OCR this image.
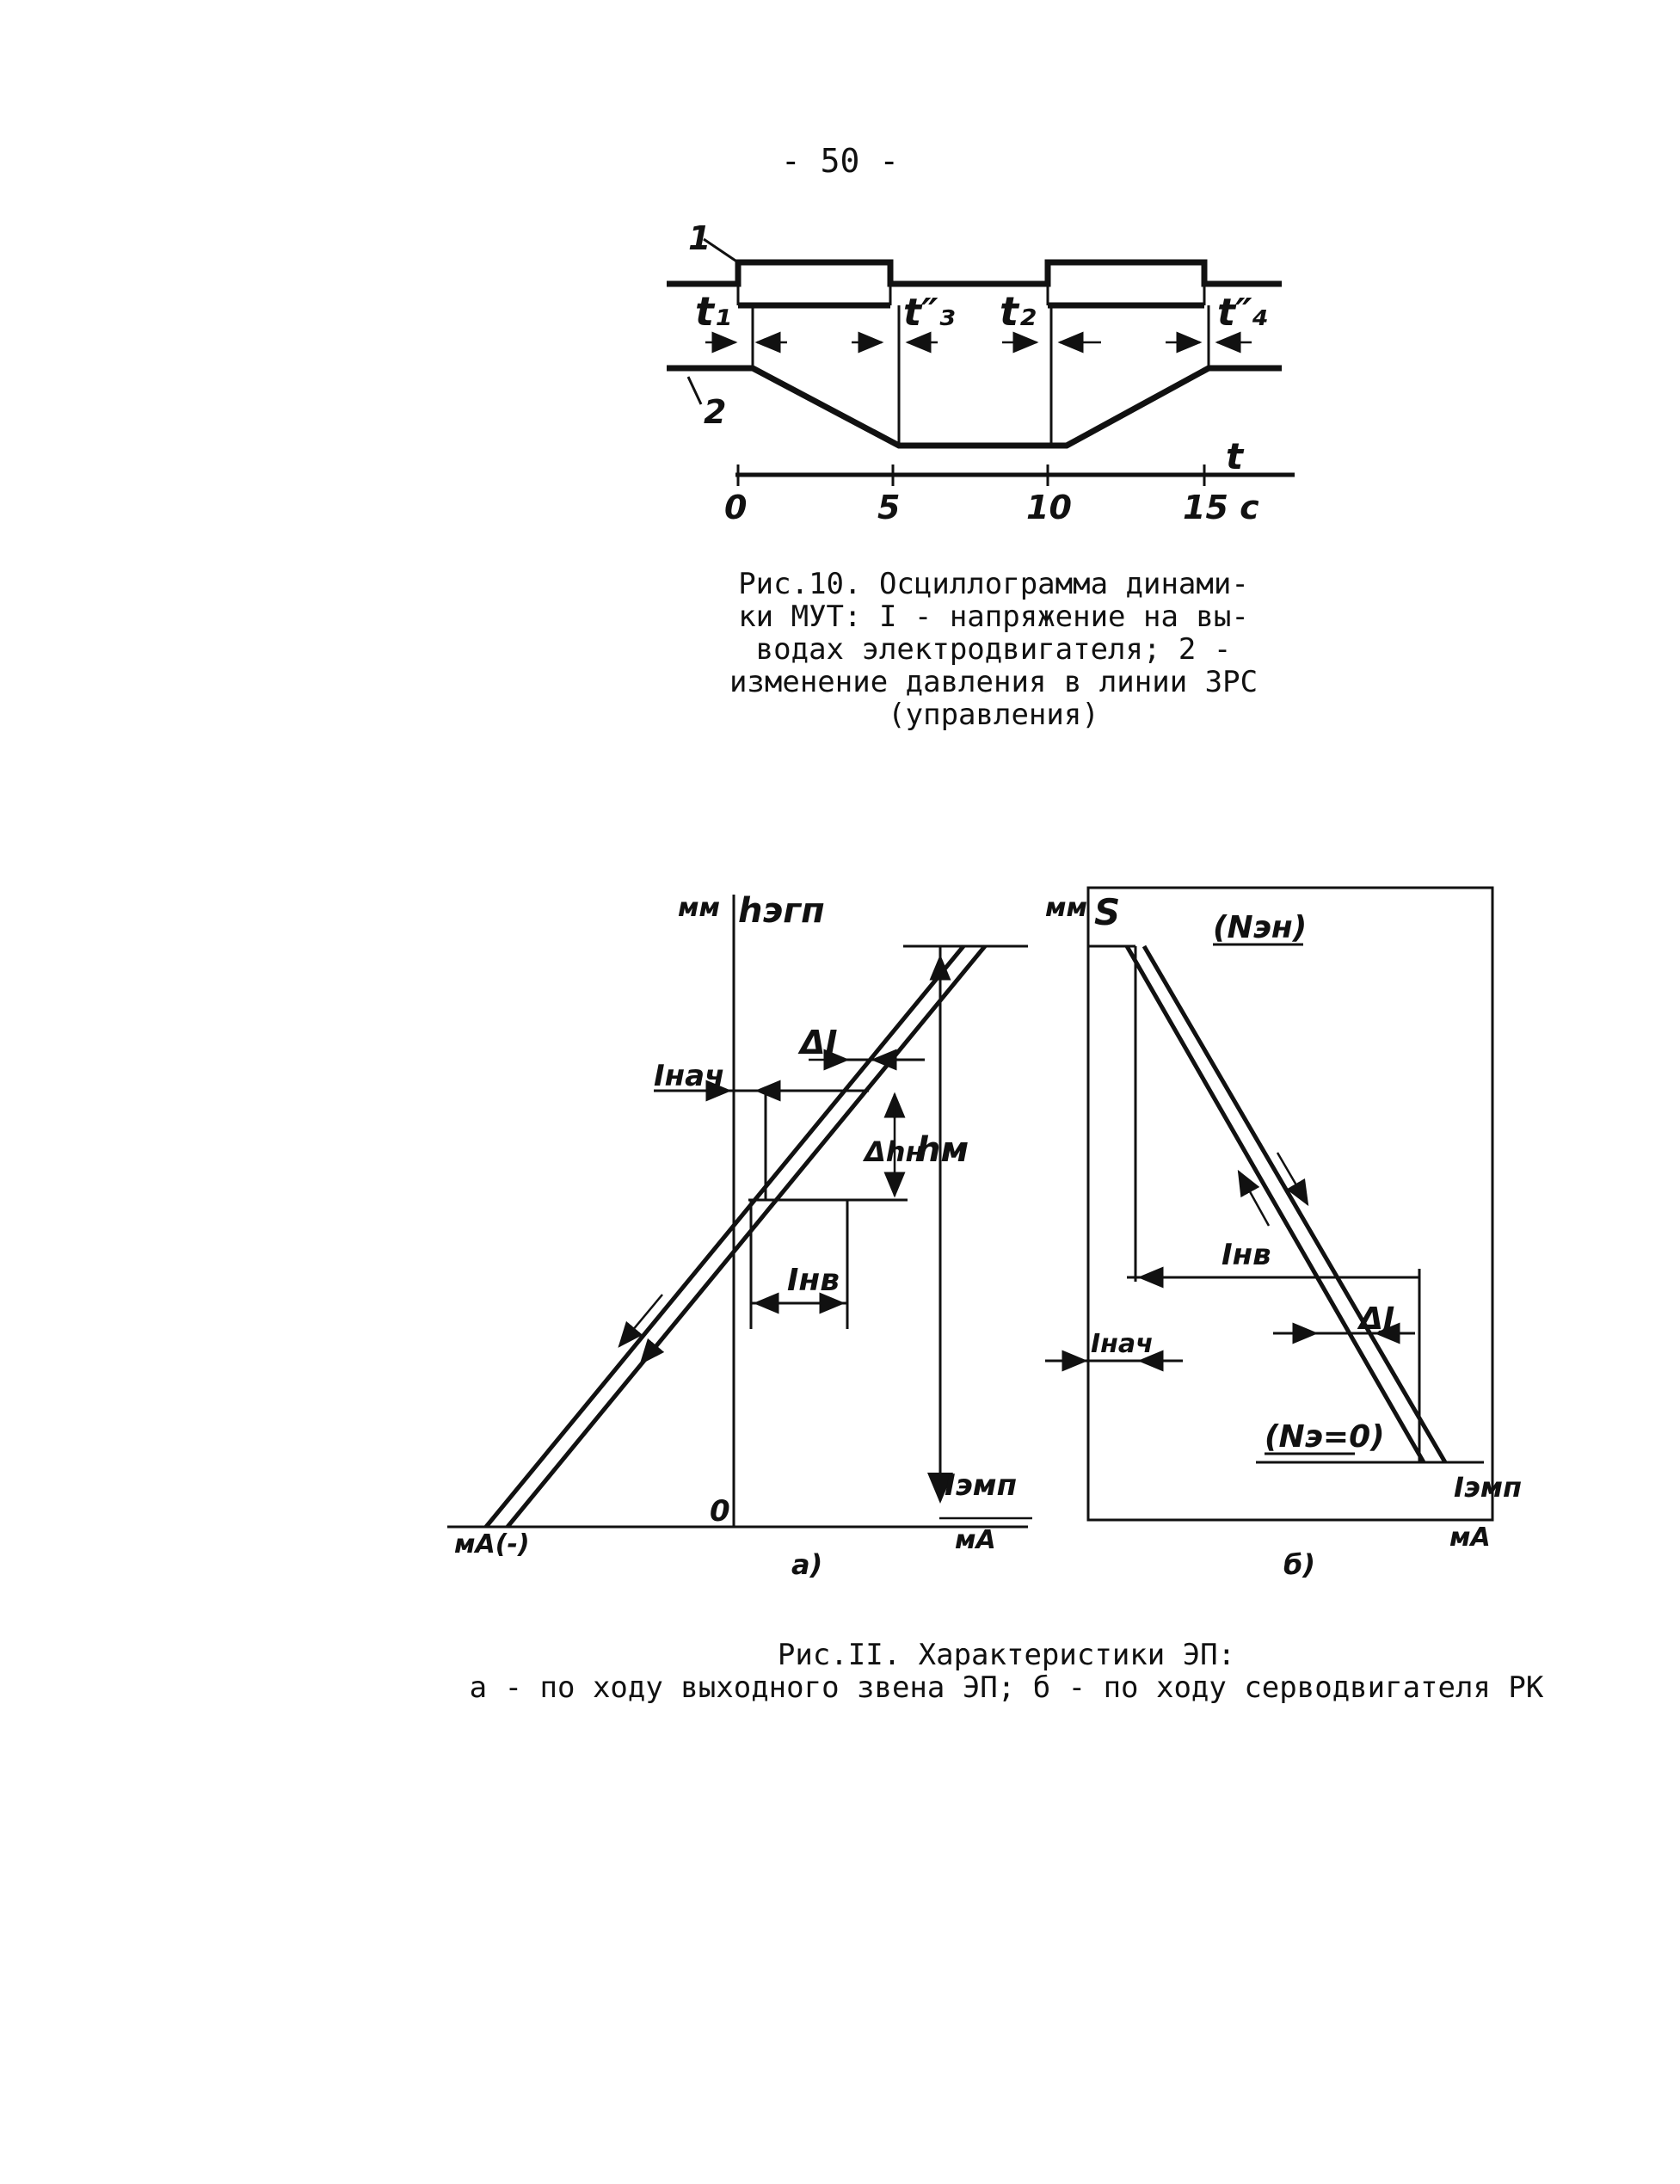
- 50 -
1
2
t₁	t″₃ t₂	t″₄
t
0	5	10	15 с
мм hэгп
0
Iэмп
мА
мА(-)
Iнач
ΔI
Δhн
hм
Iнв
а)
мм S	(Nэн)
Iнв
Iнач
ΔJ
(Nэ=0)
Iэмп
мА
б)
Рис.10. Осциллограмма динами-
ки МУТ: I - напряжение на вы-
водах электродвигателя; 2 -
изменение давления в линии ЗРС
(управления)
Рис.II. Характеристики ЭП:
а - по ходу выходного звена ЭП; б - по ходу серводвигателя РК
